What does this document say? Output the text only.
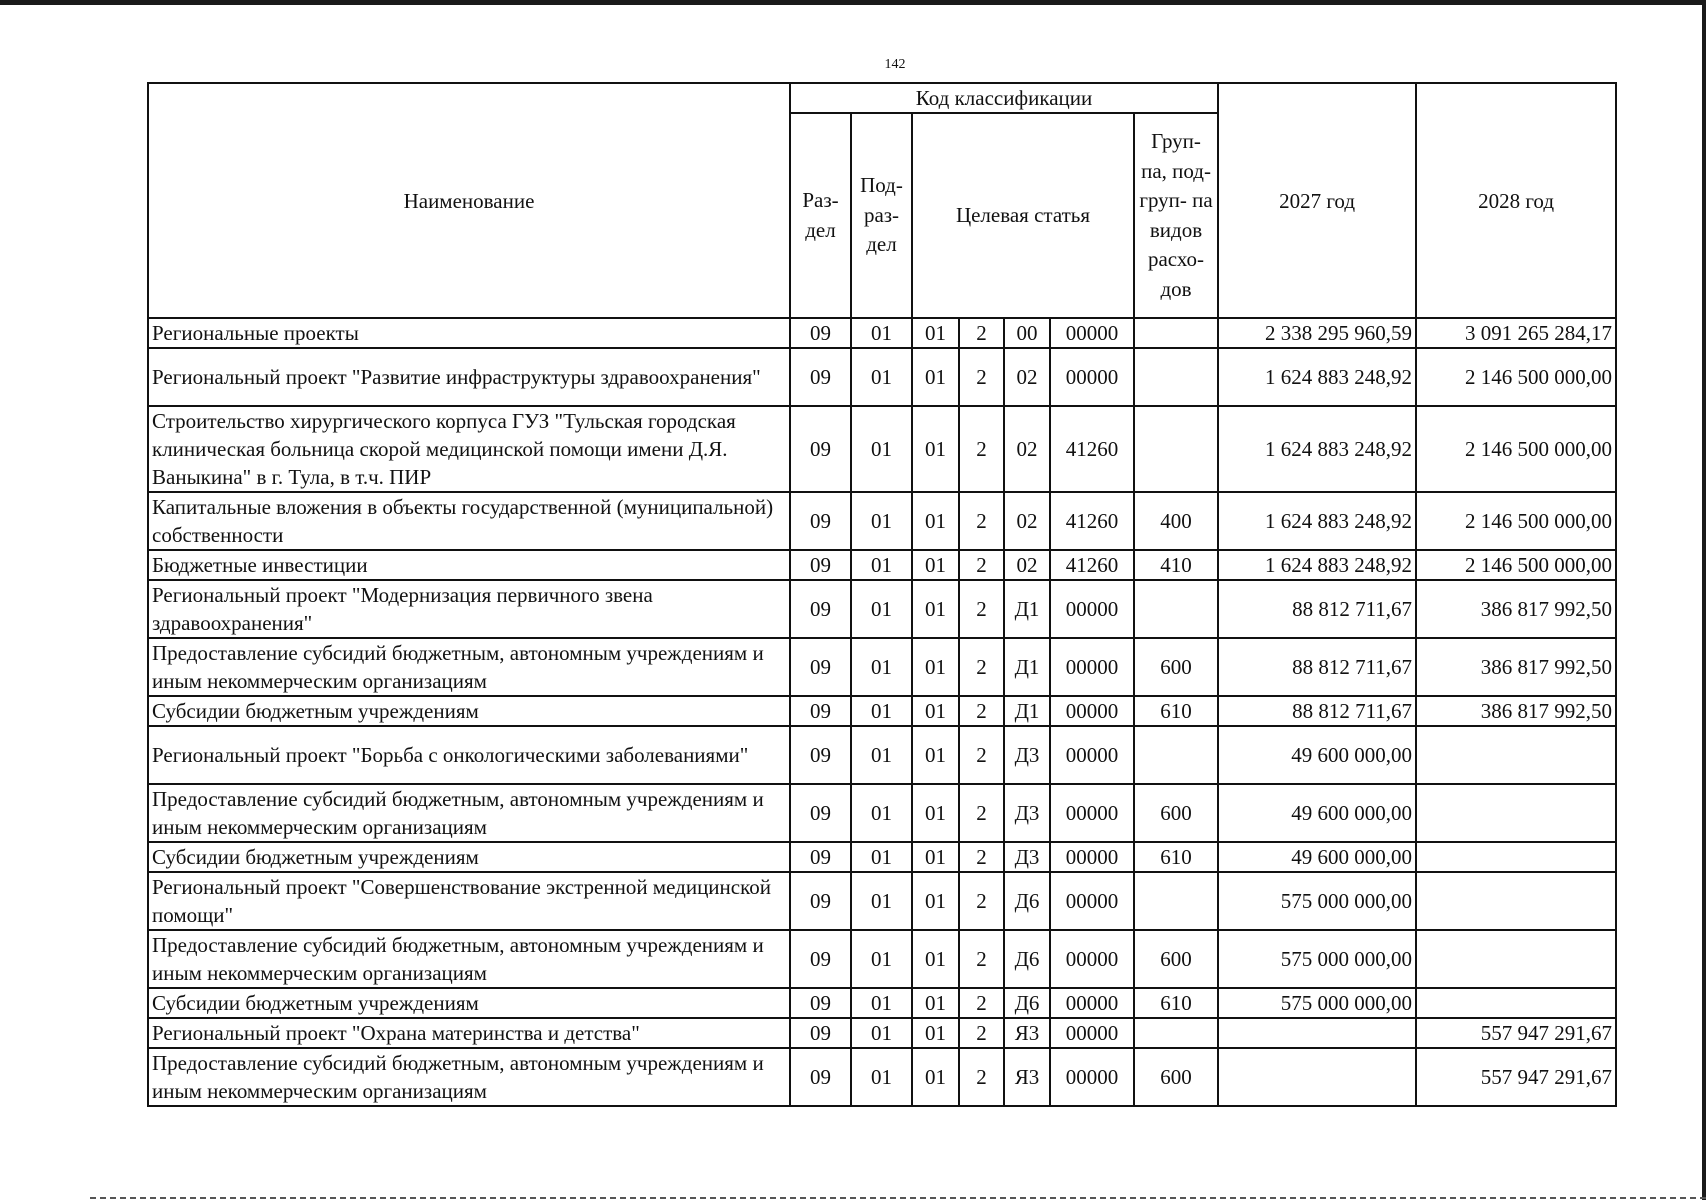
142
Наименование	Код классификации							2027 год	2028 год
	Раз- дел	Под- раз- дел	Целевая статья				Груп- па, под- груп- па видов расхо- дов		
Региональные проекты	09	01	01	2	00	00000		2 338 295 960,59	3 091 265 284,17
Региональный проект "Развитие инфраструктуры здравоохранения"	09	01	01	2	02	00000		1 624 883 248,92	2 146 500 000,00
Строительство хирургического корпуса ГУЗ "Тульская городская клиническая больница скорой медицинской помощи имени Д.Я. Ваныкина" в г. Тула, в т.ч. ПИР	09	01	01	2	02	41260		1 624 883 248,92	2 146 500 000,00
Капитальные вложения в объекты государственной (муниципальной) собственности	09	01	01	2	02	41260	400	1 624 883 248,92	2 146 500 000,00
Бюджетные инвестиции	09	01	01	2	02	41260	410	1 624 883 248,92	2 146 500 000,00
Региональный проект "Модернизация первичного звена здравоохранения"	09	01	01	2	Д1	00000		88 812 711,67	386 817 992,50
Предоставление субсидий бюджетным, автономным учреждениям и иным некоммерческим организациям	09	01	01	2	Д1	00000	600	88 812 711,67	386 817 992,50
Субсидии бюджетным учреждениям	09	01	01	2	Д1	00000	610	88 812 711,67	386 817 992,50
Региональный проект "Борьба с онкологическими заболеваниями"	09	01	01	2	Д3	00000		49 600 000,00	
Предоставление субсидий бюджетным, автономным учреждениям и иным некоммерческим организациям	09	01	01	2	Д3	00000	600	49 600 000,00	
Субсидии бюджетным учреждениям	09	01	01	2	Д3	00000	610	49 600 000,00	
Региональный проект "Совершенствование экстренной медицинской помощи"	09	01	01	2	Д6	00000		575 000 000,00	
Предоставление субсидий бюджетным, автономным учреждениям и иным некоммерческим организациям	09	01	01	2	Д6	00000	600	575 000 000,00	
Субсидии бюджетным учреждениям	09	01	01	2	Д6	00000	610	575 000 000,00	
Региональный проект "Охрана материнства и детства"	09	01	01	2	Я3	00000			557 947 291,67
Предоставление субсидий бюджетным, автономным учреждениям и иным некоммерческим организациям	09	01	01	2	Я3	00000	600		557 947 291,67
